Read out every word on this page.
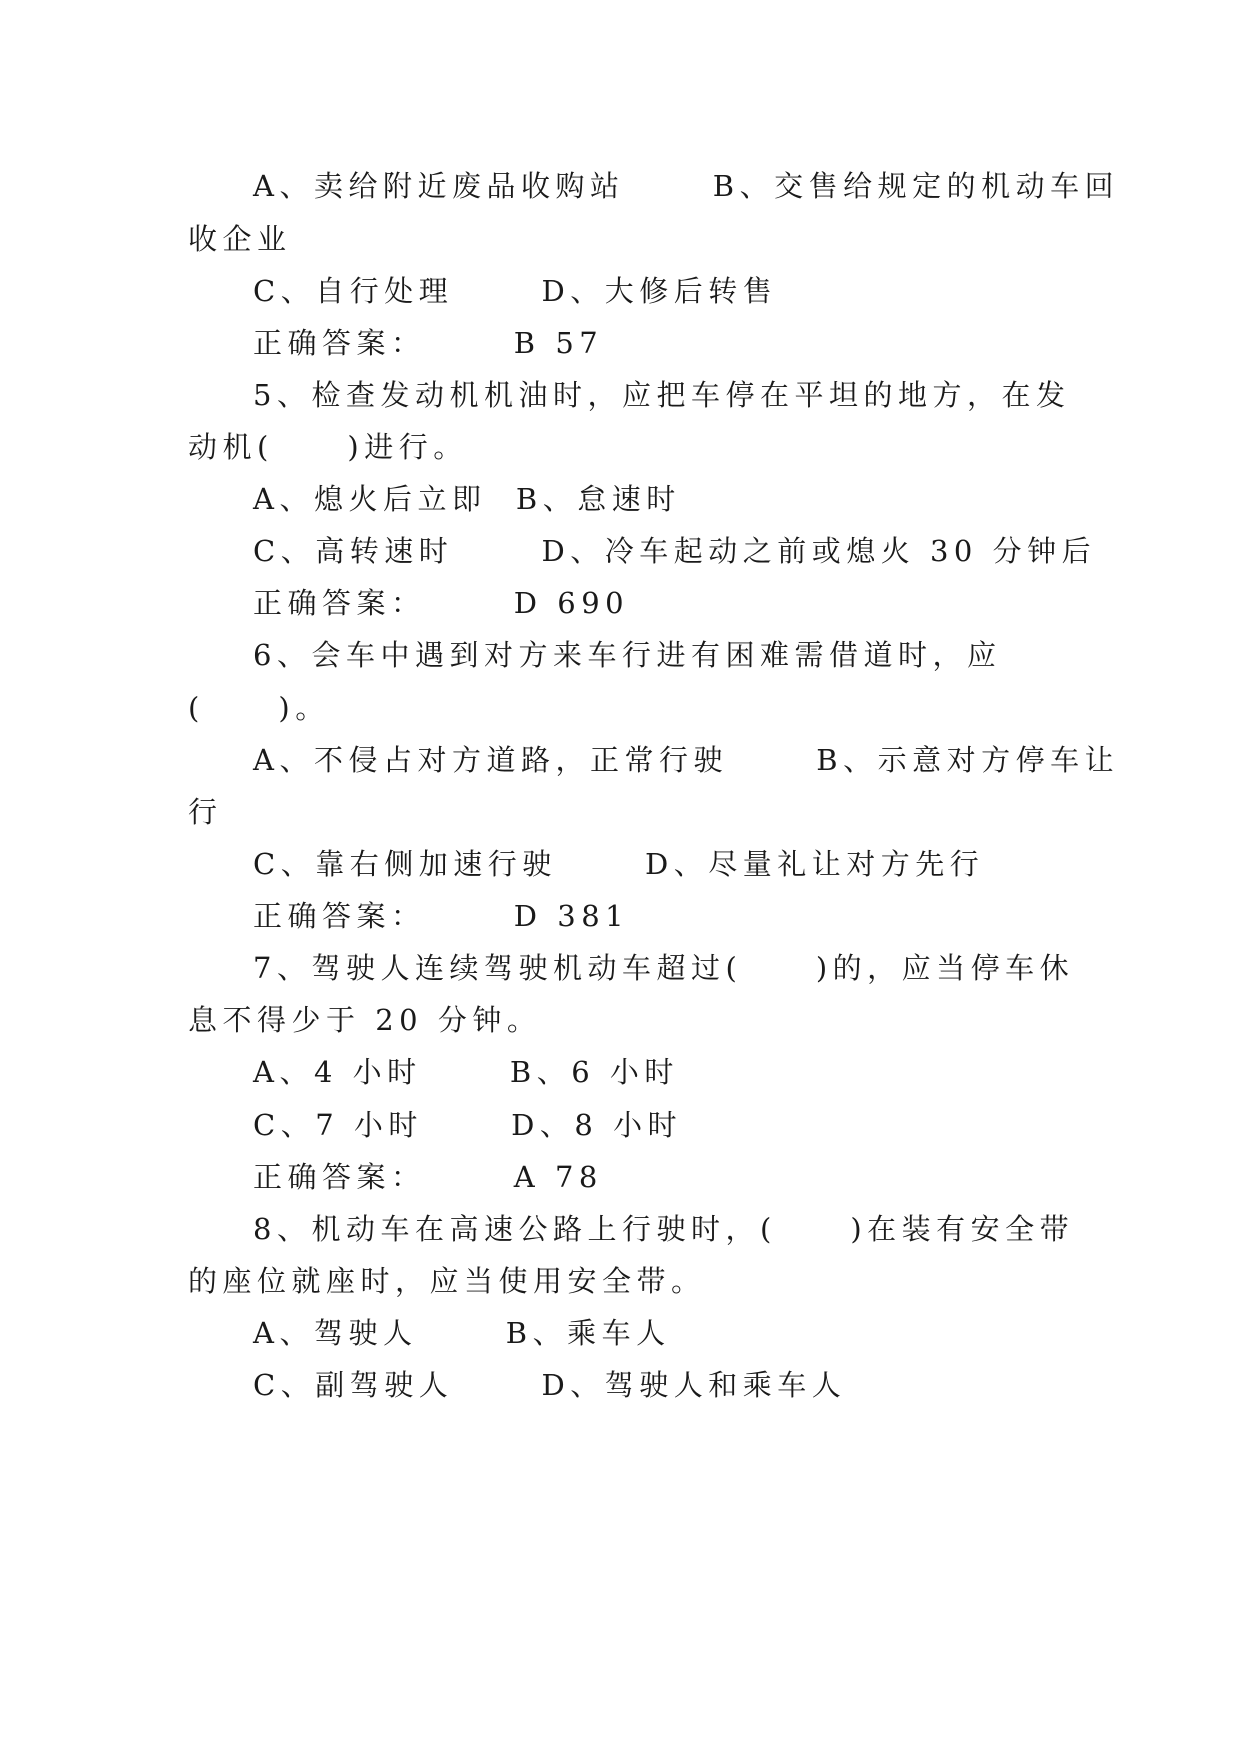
A、卖给附近废品收购站      B、交售给规定的机动车回
收企业
C、自行处理      D、大修后转售
正确答案：      B 57
5、检查发动机机油时，应把车停在平坦的地方，在发
动机(     )进行。
A、熄火后立即  B、怠速时
C、高转速时      D、冷车起动之前或熄火 30 分钟后
正确答案：      D 690
6、会车中遇到对方来车行进有困难需借道时，应
(     )。
A、不侵占对方道路，正常行驶      B、示意对方停车让
行
C、靠右侧加速行驶      D、尽量礼让对方先行
正确答案：      D 381
7、驾驶人连续驾驶机动车超过(     )的，应当停车休
息不得少于 20 分钟。
A、4 小时      B、6 小时
C、7 小时      D、8 小时
正确答案：      A 78
8、机动车在高速公路上行驶时，(     )在装有安全带
的座位就座时，应当使用安全带。
A、驾驶人      B、乘车人
C、副驾驶人      D、驾驶人和乘车人
